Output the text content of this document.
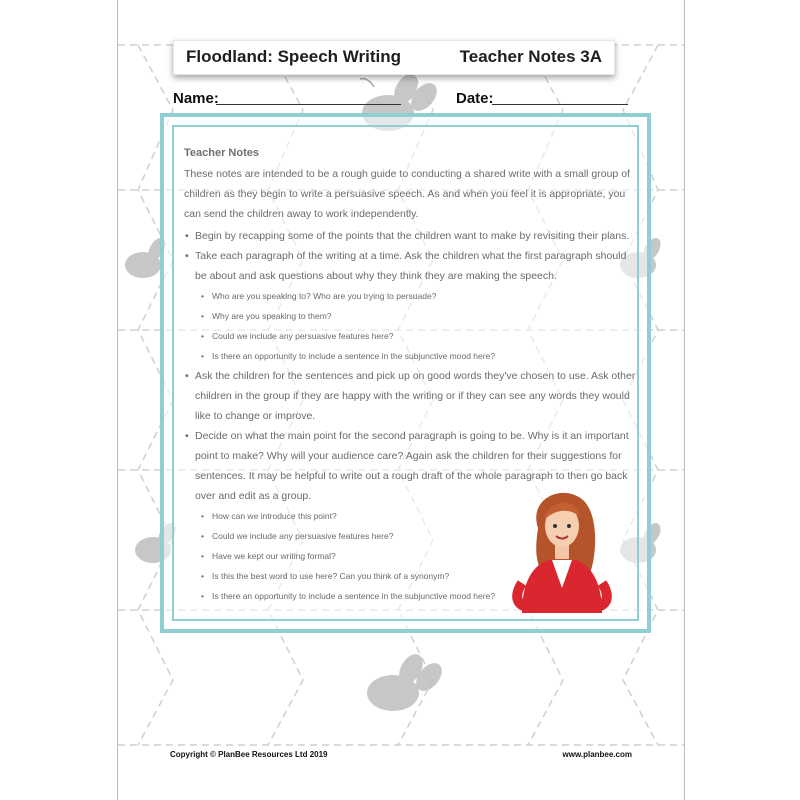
Floodland: Speech Writing	Teacher Notes 3A
Name:	Date:

Teacher Notes

These notes are intended to be a rough guide to conducting a shared write with a small group of children as they begin to write a persuasive speech. As and when you feel it is appropriate, you can send the children away to work independently.

• Begin by recapping some of the points that the children want to make by revisiting their plans.

• Take each paragraph of the writing at a time. Ask the children what the first paragraph should be about and ask questions about why they think they are making the speech.

• Who are you speaking to? Who are you trying to persuade?

• Why are you speaking to them?

• Could we include any persuasive features here?

• Is there an opportunity to include a sentence in the subjunctive mood here?

• Ask the children for the sentences and pick up on good words they've chosen to use. Ask other children in the group if they are happy with the writing or if they can see any words they would like to change or improve.

• Decide on what the main point for the second paragraph is going to be. Why is it an important point to make? Why will your audience care? Again ask the children for their suggestions for sentences. It may be helpful to write out a rough draft of the whole paragraph to then go back over and edit as a group.

• How can we introduce this point?

• Could we include any persuasive features here?

• Have we kept our writing formal?

• Is this the best word to use here? Can you think of a synonym?

• Is there an opportunity to include a sentence in the subjunctive mood here?

Copyright © PlanBee Resources Ltd 2019	www.planbee.com
